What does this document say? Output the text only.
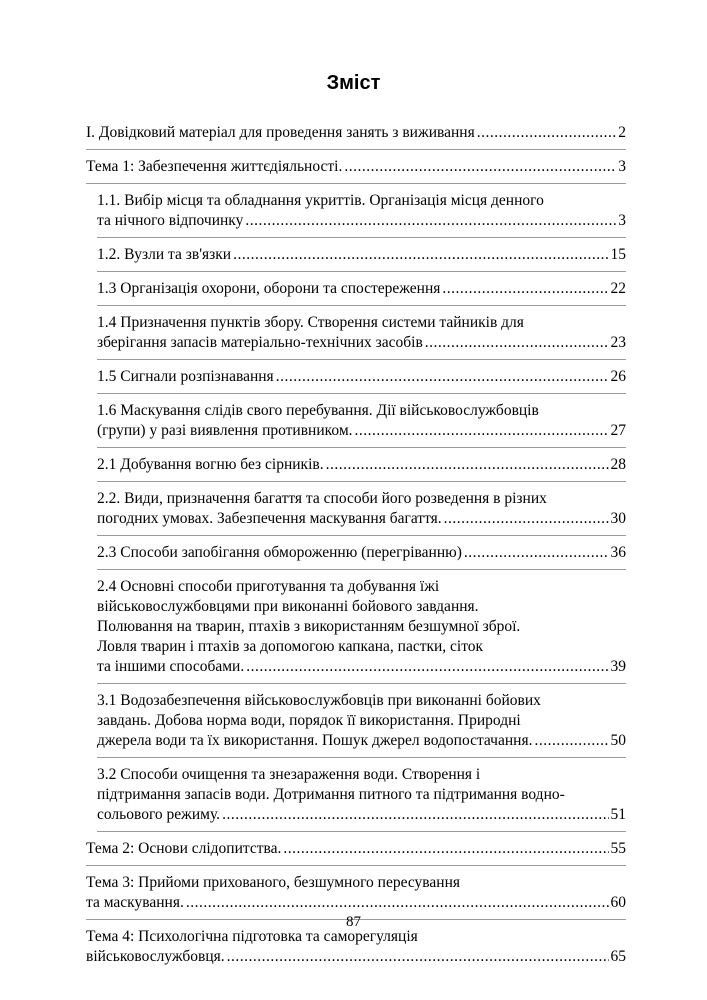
Зміст
І. Довідковий матеріал для проведення занять з виживання .....	2
Тема 1: Забезпечення життєдіяльності. .....	3
1.1. Вибір місця та обладнання укриттів. Організація місця денного
та нічного відпочинку .....	3
1.2. Вузли та зв'язки .....	15
1.3 Організація охорони, оборони та спостереження .....	22
1.4 Призначення пунктів збору. Створення системи тайників для
зберігання запасів матеріально-технічних засобів .....	23
1.5 Сигнали розпізнавання .....	26
1.6 Маскування слідів свого перебування. Дії військовослужбовців
(групи) у разі виявлення противником. .....	27
2.1 Добування вогню без сірників. .....	28
2.2. Види, призначення багаття та способи його розведення в різних
погодних умовах. Забезпечення маскування багаття. .....	30
2.3 Способи запобігання обмороженню (перегріванню) .....	36
2.4 Основні способи приготування та добування їжі
військовослужбовцями при виконанні бойового завдання.
Полювання на тварин, птахів з використанням безшумної зброї.
Ловля тварин і птахів за допомогою капкана, пастки, сіток
та іншими способами. .....	39
3.1 Водозабезпечення військовослужбовців при виконанні бойових
завдань. Добова норма води, порядок її використання. Природні
джерела води та їх використання. Пошук джерел водопостачання. .....	50
3.2 Способи очищення та знезараження води. Створення і
підтримання запасів води. Дотримання питного та підтримання водно-
сольового режиму. .....	51
Тема 2: Основи слідопитства. .....	55
Тема 3: Прийоми прихованого, безшумного пересування
та маскування. .....	60
Тема 4: Психологічна підготовка та саморегуляція
військовослужбовця. .....	65
87
